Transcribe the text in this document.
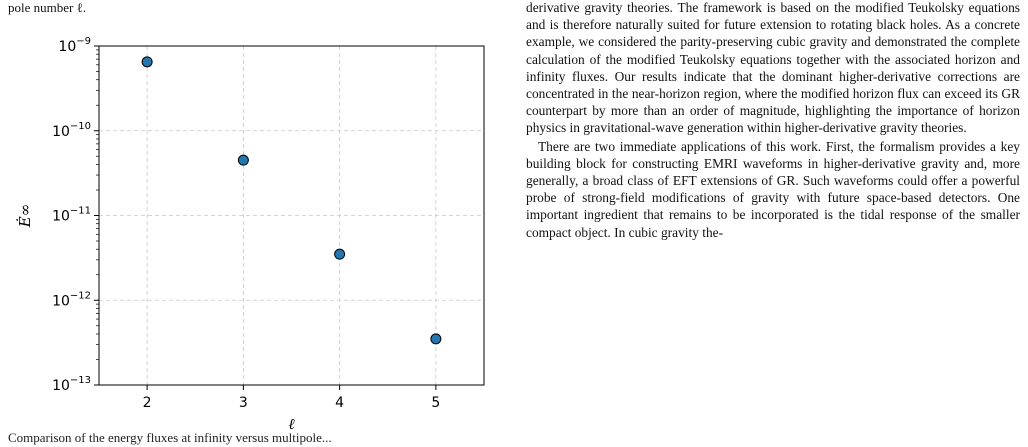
pole number ℓ.
2	3	4	5
$10^{-9}$
$10^{-10}$
$10^{-11}$
$10^{-12}$
$10^{-13}$
ℓ
Ė∞
Comparison of the energy fluxes at infinity versus multipole...

derivative gravity theories. The framework is based on the modified Teukolsky equations and is therefore naturally suited for future extension to rotating black holes. As a concrete example, we considered the parity-preserving cubic gravity and demonstrated the complete calculation of the modified Teukolsky equations together with the associated horizon and infinity fluxes. Our results indicate that the dominant higher-derivative corrections are concentrated in the near-horizon region, where the modified horizon flux can exceed its GR counterpart by more than an order of magnitude, highlighting the importance of horizon physics in gravitational-wave generation within higher-derivative gravity theories.

There are two immediate applications of this work. First, the formalism provides a key building block for constructing EMRI waveforms in higher-derivative gravity and, more generally, a broad class of EFT extensions of GR. Such waveforms could offer a powerful probe of strong-field modifications of gravity with future space-based detectors. One important ingredient that remains to be incorporated is the tidal response of the smaller compact object. In cubic gravity the-
